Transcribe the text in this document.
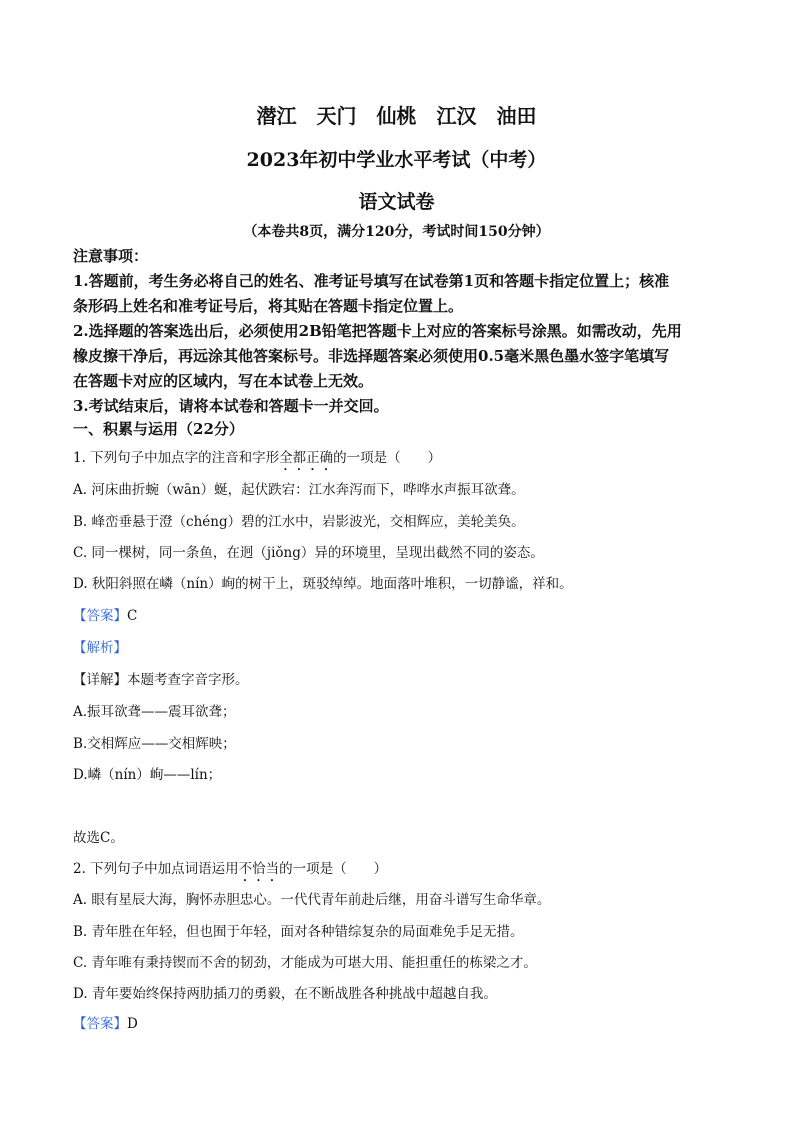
潜江 天门 仙桃 江汉 油田
2023年初中学业水平考试（中考）
语文试卷
（本卷共8页，满分120分，考试时间150分钟）
注意事项：
1.答题前，考生务必将自己的姓名、准考证号填写在试卷第1页和答题卡指定位置上；核准
条形码上姓名和准考证号后，将其贴在答题卡指定位置上。
2.选择题的答案选出后，必须使用2B铅笔把答题卡上对应的答案标号涂黑。如需改动，先用
橡皮擦干净后，再远涂其他答案标号。非选择题答案必须使用0.5毫米黑色墨水签字笔填写
在答题卡对应的区域内，写在本试卷上无效。
3.考试结束后，请将本试卷和答题卡一并交回。
一、积累与运用（22分）
1. 下列句子中加点字的注音和字形全都正确的一项是（　　）
A. 河床曲折蜿（wān）蜒，起伏跌宕：江水奔泻而下，哗哗水声振耳欲聋。
B. 峰峦垂悬于澄（chéng）碧的江水中，岩影波光，交相辉应，美轮美奂。
C. 同一棵树，同一条鱼，在迥（jiǒng）异的环境里，呈现出截然不同的姿态。
D. 秋阳斜照在嶙（nín）峋的树干上，斑驳绰绰。地面落叶堆积，一切静谧，祥和。
【答案】C
【解析】
【详解】本题考查字音字形。
A.振耳欲聋——震耳欲聋；
B.交相辉应——交相辉映；
D.嶙（nín）峋——lín；
故选C。
2. 下列句子中加点词语运用不恰当的一项是（　　）
A. 眼有星辰大海，胸怀赤胆忠心。一代代青年前赴后继，用奋斗谱写生命华章。
B. 青年胜在年轻，但也囿于年轻，面对各种错综复杂的局面难免手足无措。
C. 青年唯有秉持锲而不舍的韧劲，才能成为可堪大用、能担重任的栋梁之才。
D. 青年要始终保持两肋插刀的勇毅，在不断战胜各种挑战中超越自我。
【答案】D
